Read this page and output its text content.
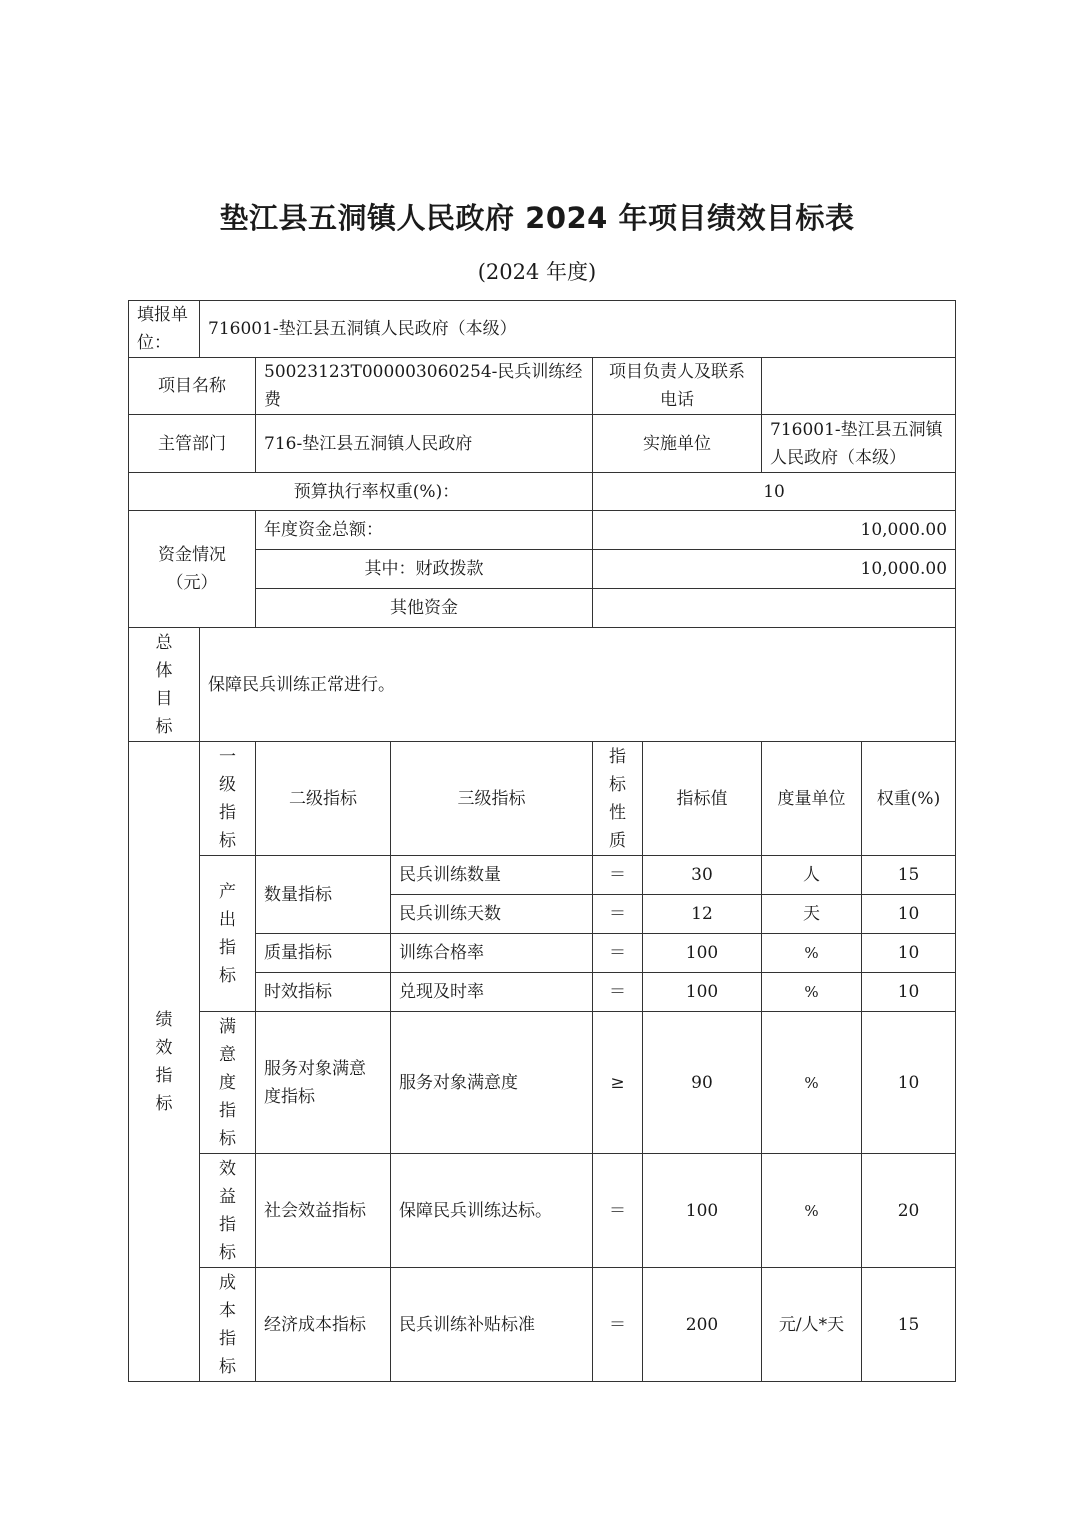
垫江县五洞镇人民政府 2024 年项目绩效目标表
(2024 年度)
填报单位：	716001-垫江县五洞镇人民政府（本级）						
项目名称		50023123T000003060254-民兵训练经费		项目负责人及联系电话			
主管部门		716-垫江县五洞镇人民政府		实施单位		716001-垫江县五洞镇人民政府（本级）	
预算执行率权重(%)：				10			
资金情况（元）		年度资金总额：		10,000.00			
		其中：财政拨款		10,000.00			
		其他资金					

总体目标	保障民兵训练正常进行。						

绩效指标	一级指标	二级指标	三级指标	指标性质	指标值	度量单位	权重(%)

	产出指标	数量指标	民兵训练数量	＝	30	人	15
			民兵训练天数	＝	12	天	10
		质量指标	训练合格率	＝	100	%	10
		时效指标	兑现及时率	＝	100	%	10

	满意度指标	服务对象满意度指标	服务对象满意度	≥	90	%	10

	效益指标	社会效益指标	保障民兵训练达标。	＝	100	%	20

	成本指标	经济成本指标	民兵训练补贴标准	＝	200	元/人*天	15
